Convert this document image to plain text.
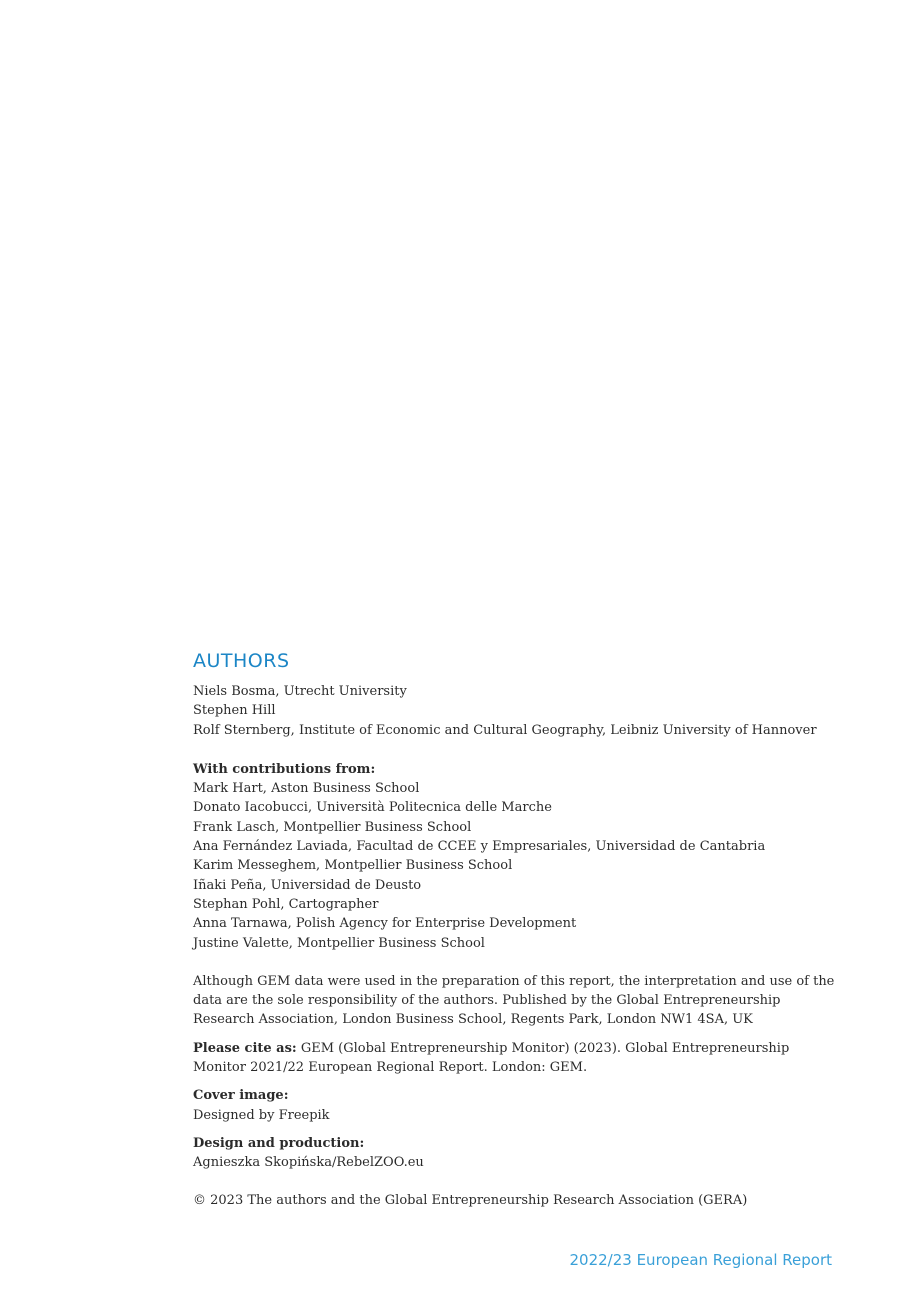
AUTHORS
Niels Bosma, Utrecht University
Stephen Hill
Rolf Sternberg, Institute of Economic and Cultural Geography, Leibniz University of Hannover
With contributions from:
Mark Hart, Aston Business School
Donato Iacobucci, Università Politecnica delle Marche
Frank Lasch, Montpellier Business School
Ana Fernández Laviada, Facultad de CCEE y Empresariales, Universidad de Cantabria
Karim Messeghem, Montpellier Business School
Iñaki Peña, Universidad de Deusto
Stephan Pohl, Cartographer
Anna Tarnawa, Polish Agency for Enterprise Development
Justine Valette, Montpellier Business School
Although GEM data were used in the preparation of this report, the interpretation and use of the data are the sole responsibility of the authors. Published by the Global Entrepreneurship Research Association, London Business School, Regents Park, London NW1 4SA, UK
Please cite as: GEM (Global Entrepreneurship Monitor) (2023). Global Entrepreneurship Monitor 2021/22 European Regional Report. London: GEM.
Cover image:
Designed by Freepik
Design and production:
Agnieszka Skopińska/RebelZOO.eu
© 2023 The authors and the Global Entrepreneurship Research Association (GERA)
2022/23 European Regional Report
